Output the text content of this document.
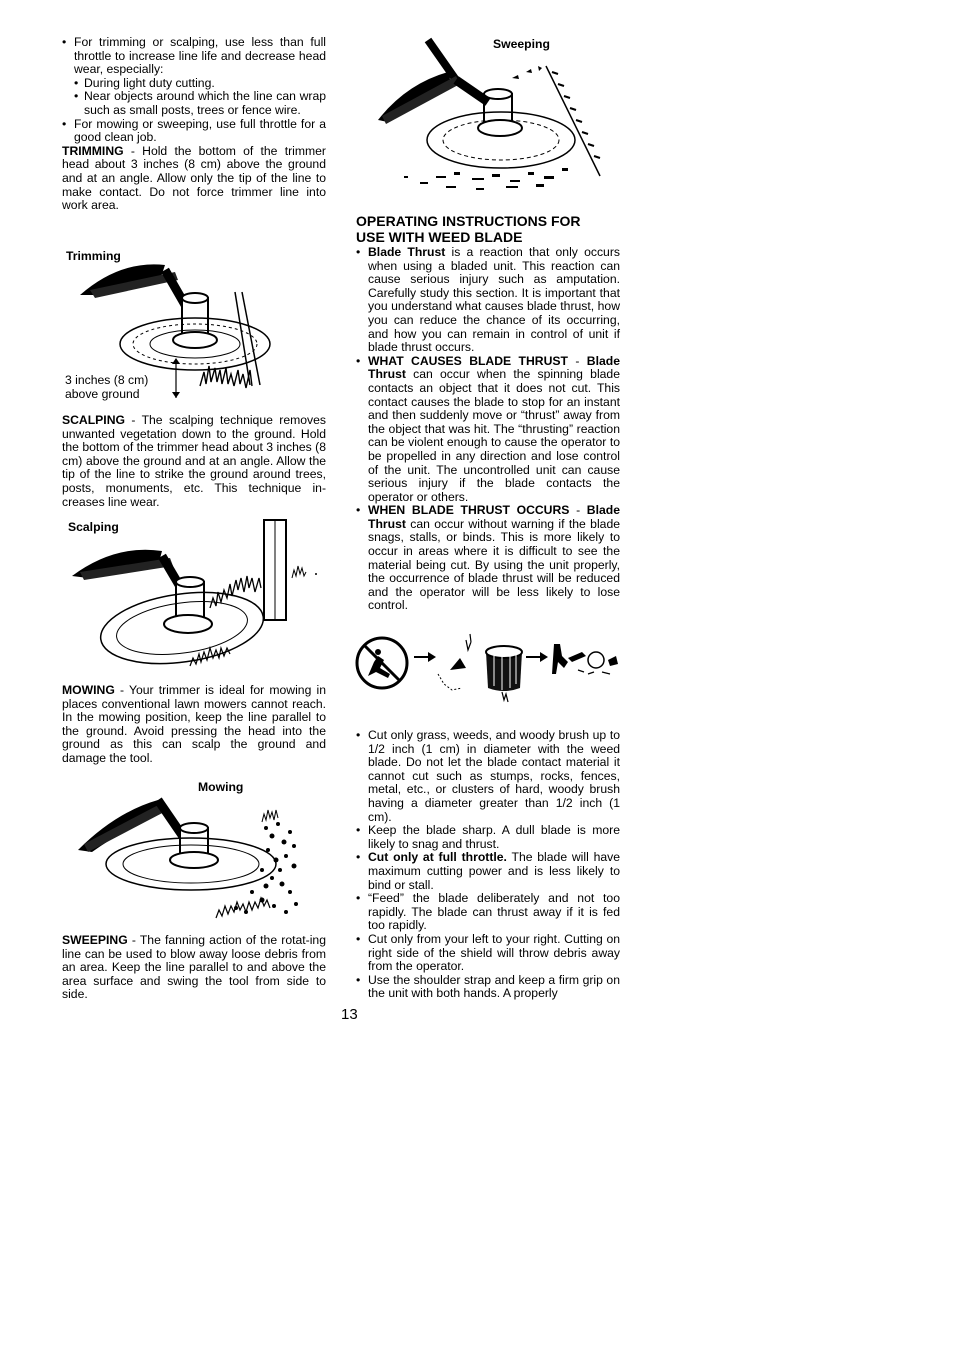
• For trimming or scalping, use less than full throttle to increase line life and decrease head wear, especially:

• During light duty cutting.

• Near objects around which the line can wrap such as small posts, trees or fence wire.

• For mowing or sweeping, use full throttle for a good clean job.

TRIMMING - Hold the bottom of the trimmer head about 3 inches (8 cm) above the ground and at an angle. Allow only the tip of the line to make contact. Do not force trimmer line into work area.

Trimming
3 inches (8 cm)
above ground

SCALPING - The scalping technique removes unwanted vegetation down to the ground. Hold the bottom of the trimmer head about 3 inches (8 cm) above the ground and at an angle. Allow the tip of the line to strike the ground around trees, posts, monuments, etc. This technique in-creases line wear.

Scalping

MOWING - Your trimmer is ideal for mowing in places conventional lawn mowers cannot reach. In the mowing position, keep the line parallel to the ground. Avoid pressing the head into the ground as this can scalp the ground and damage the tool.

Mowing

SWEEPING - The fanning action of the rotat-ing line can be used to blow away loose debris from an area. Keep the line parallel to and above the area surface and swing the tool from side to side.

Sweeping
OPERATING INSTRUCTIONS FOR
USE WITH WEED BLADE

• Blade Thrust is a reaction that only occurs when using a bladed unit. This reaction can cause serious injury such as amputation. Carefully study this section. It is important that you understand what causes blade thrust, how you can reduce the chance of its occurring, and how you can remain in control of unit if blade thrust occurs.

• WHAT CAUSES BLADE THRUST - Blade Thrust can occur when the spinning blade contacts an object that it does not cut. This contact causes the blade to stop for an instant and then suddenly move or “thrust” away from the object that was hit. The “thrusting” reaction can be violent enough to cause the operator to be propelled in any direction and lose control of the unit. The uncontrolled unit can cause serious injury if the blade contacts the operator or others.

• WHEN BLADE THRUST OCCURS - Blade Thrust can occur without warning if the blade snags, stalls, or binds. This is more likely to occur in areas where it is difficult to see the material being cut. By using the unit properly, the occurrence of blade thrust will be reduced and the operator will be less likely to lose control.

• Cut only grass, weeds, and woody brush up to 1/2 inch (1 cm) in diameter with the weed blade. Do not let the blade contact material it cannot cut such as stumps, rocks, fences, metal, etc., or clusters of hard, woody brush having a diameter greater than 1/2 inch (1 cm).

• Keep the blade sharp. A dull blade is more likely to snag and thrust.

• Cut only at full throttle. The blade will have maximum cutting power and is less likely to bind or stall.

• “Feed” the blade deliberately and not too rapidly. The blade can thrust away if it is fed too rapidly.

• Cut only from your left to your right. Cutting on right side of the shield will throw debris away from the operator.

• Use the shoulder strap and keep a firm grip on the unit with both hands. A properly

13
